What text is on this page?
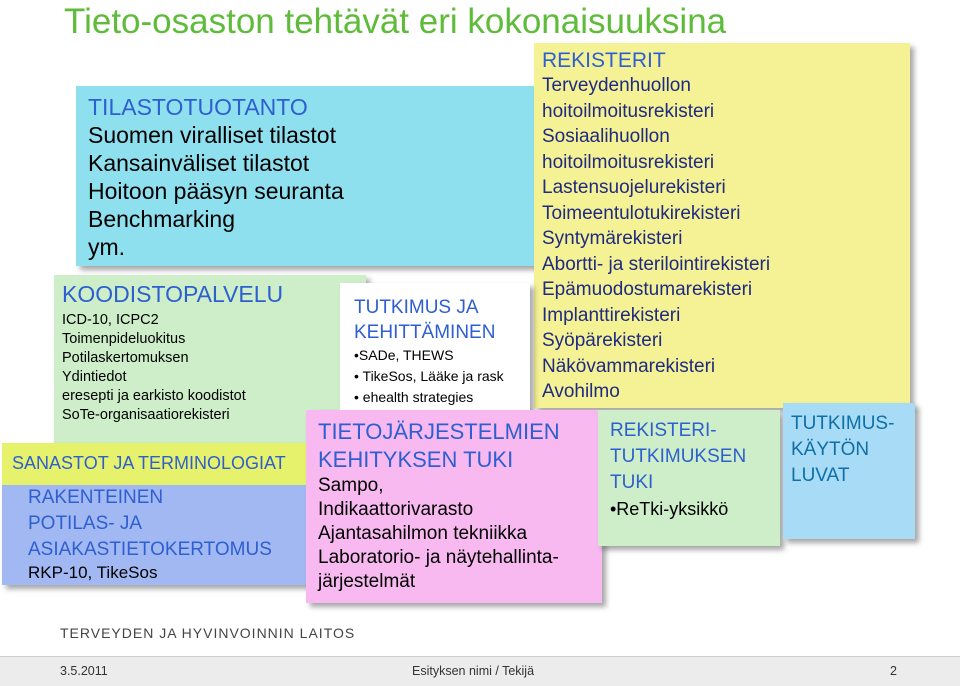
Tieto-osaston tehtävät eri kokonaisuuksina
TILASTOTUOTANTO
Suomen viralliset tilastot
Kansainväliset tilastot
Hoitoon pääsyn seuranta
Benchmarking
ym.
REKISTERIT
Terveydenhuollon
hoitoilmoitusrekisteri
Sosiaalihuollon
hoitoilmoitusrekisteri
Lastensuojelurekisteri
Toimeentulotukirekisteri
Syntymärekisteri
Abortti- ja sterilointirekisteri
Epämuodostumarekisteri
Implanttirekisteri
Syöpärekisteri
Näkövammarekisteri
Avohilmo
KOODISTOPALVELU
ICD-10, ICPC2
Toimenpideluokitus
Potilaskertomuksen
Ydintiedot
eresepti ja earkisto koodistot
SoTe-organisaatiorekisteri
TUTKIMUS JA
KEHITTÄMINEN
•SADe, THEWS
• TikeSos, Lääke ja rask
• ehealth strategies
SANASTOT JA TERMINOLOGIAT
RAKENTEINEN
POTILAS- JA
ASIAKASTIETOKERTOMUS
RKP-10, TikeSos
TIETOJÄRJESTELMIEN
KEHITYKSEN TUKI
Sampo,
Indikaattorivarasto
Ajantasahilmon tekniikka
Laboratorio- ja näytehallinta-
järjestelmät
REKISTERI-
TUTKIMUKSEN
TUKI
•ReTki-yksikkö
TUTKIMUS-
KÄYTÖN
LUVAT
TERVEYDEN JA HYVINVOINNIN LAITOS
3.5.2011	Esityksen nimi / Tekijä	2
